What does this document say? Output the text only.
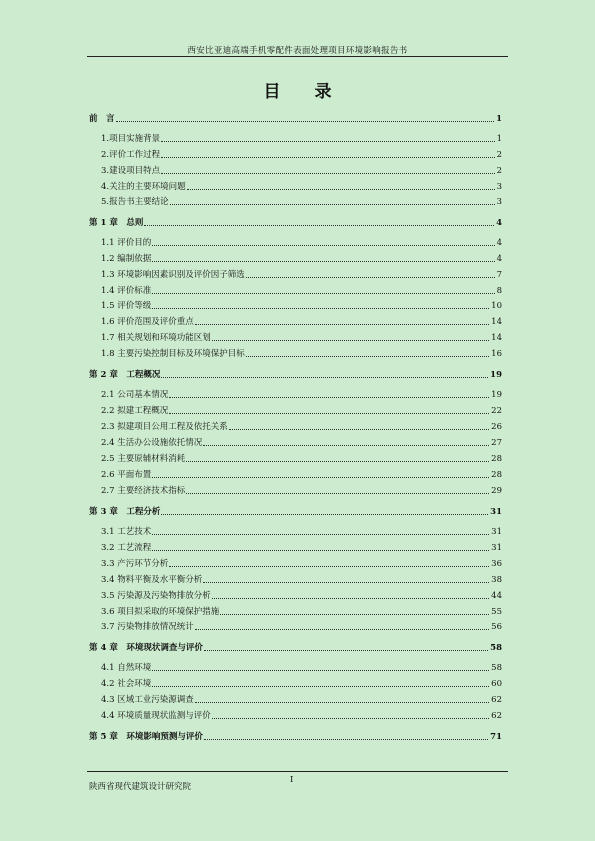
西安比亚迪高端手机零配件表面处理项目环境影响报告书
目 录
前　言	1
1.项目实施背景	1
2.评价工作过程	2
3.建设项目特点	2
4.关注的主要环境问题	3
5.报告书主要结论	3
第 1 章　总则	4
1.1 评价目的	4
1.2 编制依据	4
1.3 环境影响因素识别及评价因子筛选	7
1.4 评价标准	8
1.5 评价等级	10
1.6 评价范围及评价重点	14
1.7 相关规划和环境功能区划	14
1.8 主要污染控制目标及环境保护目标	16
第 2 章　工程概况	19
2.1 公司基本情况	19
2.2 拟建工程概况	22
2.3 拟建项目公用工程及依托关系	26
2.4 生活办公设施依托情况	27
2.5 主要原辅材料消耗	28
2.6 平面布置	28
2.7 主要经济技术指标	29
第 3 章　工程分析	31
3.1 工艺技术	31
3.2 工艺流程	31
3.3 产污环节分析	36
3.4 物料平衡及水平衡分析	38
3.5 污染源及污染物排放分析	44
3.6 项目拟采取的环境保护措施	55
3.7 污染物排放情况统计	56
第 4 章　环境现状调查与评价	58
4.1 自然环境	58
4.2 社会环境	60
4.3 区域工业污染源调查	62
4.4 环境质量现状监测与评价	62
第 5 章　环境影响预测与评价	71
I
陕西省现代建筑设计研究院
